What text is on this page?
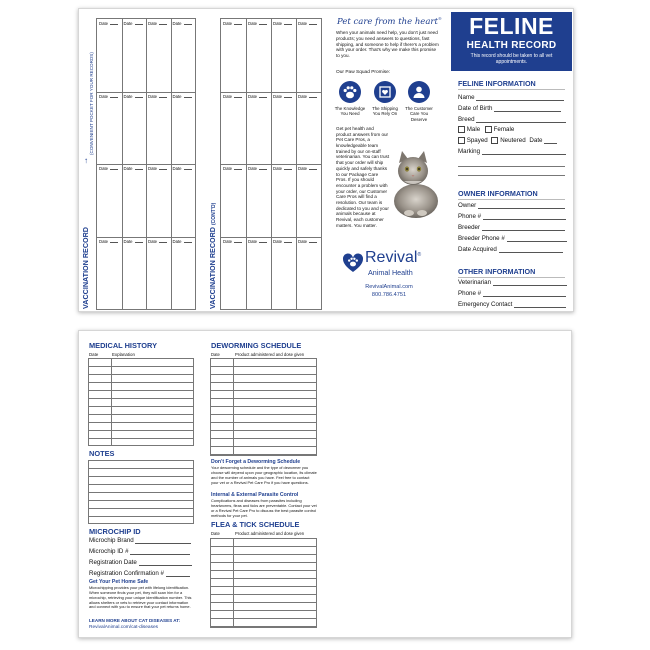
VACCINATION RECORD
(CONVENIENT POCKET FOR YOUR RECORDS)
↑
Date	Date	Date	Date
Date	Date	Date	Date
Date	Date	Date	Date
Date	Date	Date	Date	VACCINATION RECORD (CONT'D)
Date	Date	Date	Date
Date	Date	Date	Date
Date	Date	Date	Date
Date	Date	Date	Date
Pet care from the heart®
When your animals need help, you don't just need products; you need answers to questions, fast shipping, and someone to help if there's a problem with your order. That's why we make this promise to you.
Our Paw Squad Promise:
The Knowledge You Need
The Shipping You Rely On
The Customer Care You Deserve
Get pet health and product answers from our Pet Care Pros, a knowledgeable team trained by our on-staff veterinarian. You can trust that your order will ship quickly and safely thanks to our Package Care Pros. If you should encounter a problem with your order, our Customer Care Pros will find a resolution. Our team is dedicated to you and your animals because at Revival, each customer matters. You matter.
Revival®
Animal Health
RevivalAnimal.com
800.786.4751
FELINE
HEALTH RECORD
This record should be taken to all vet appointments.
FELINE INFORMATION
Name
Date of Birth
Breed
Male Female
Spayed Neutered Date
Marking
OWNER INFORMATION
Owner
Phone #
Breeder
Breeder Phone #
Date Acquired
OTHER INFORMATION
Veterinarian
Phone #
Emergency Contact
MEDICAL HISTORY
Date	Explanation
NOTES
MICROCHIP ID
Microchip Brand
Microchip ID #
Registration Date
Registration Confirmation #
Get Your Pet Home Safe
Microchipping provides your pet with lifelong identification. When someone finds your pet, they will scan him for a microchip, retrieving your unique identification number. This allows shelters or vets to retrieve your contact information and connect with you to ensure that your pet returns home.
LEARN MORE ABOUT CAT DISEASES AT:
RevivalAnimal.com/cat-diseases
DEWORMING SCHEDULE
Date	Product administered and dose given
Don't Forget a Deworming Schedule
Your deworming schedule and the type of dewormer you choose will depend upon your geographic location, its climate and the number of animals you have. Feel free to contact your vet or a Revival Pet Care Pro if you have questions.
Internal & External Parasite Control
Complications and diseases from parasites including heartworms, fleas and ticks are preventable. Contact your vet or a Revival Pet Care Pro to discuss the best parasite control methods for your pet.
FLEA & TICK SCHEDULE
Date	Product administered and dose given
